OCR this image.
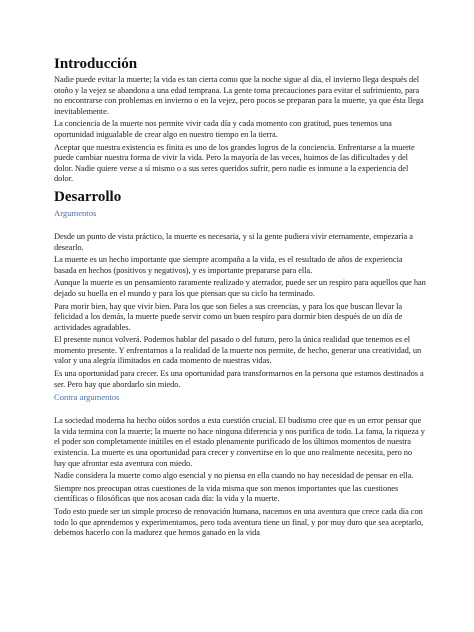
Introducción

Nadie puede evitar la muerte; la vida es tan cierta como que la noche sigue al día, el invierno llega después del otoño y la vejez se abandona a una edad temprana. La gente toma precauciones para evitar el sufrimiento, para no encontrarse con problemas en invierno o en la vejez, pero pocos se preparan para la muerte, ya que ésta llega inevitablemente.

La conciencia de la muerte nos permite vivir cada día y cada momento con gratitud, pues tenemos una oportunidad inigualable de crear algo en nuestro tiempo en la tierra.

Aceptar que nuestra existencia es finita es uno de los grandes logros de la conciencia. Enfrentarse a la muerte puede cambiar nuestra forma de vivir la vida. Pero la mayoría de las veces, huimos de las dificultades y del dolor. Nadie quiere verse a sí mismo o a sus seres queridos sufrir, pero nadie es inmune a la experiencia del dolor.

Desarrollo
Argumentos

Desde un punto de vista práctico, la muerte es necesaria, y si la gente pudiera vivir eternamente, empezaría a desearlo.

La muerte es un hecho importante que siempre acompaña a la vida, es el resultado de años de experiencia basada en hechos (positivos y negativos), y es importante prepararse para ella.

Aunque la muerte es un pensamiento raramente realizado y aterrador, puede ser un respiro para aquellos que han dejado su huella en el mundo y para los que piensan que su ciclo ha terminado.

Para morir bien, hay que vivir bien. Para los que son fieles a sus creencias, y para los que buscan llevar la felicidad a los demás, la muerte puede servir como un buen respiro para dormir bien después de un día de actividades agradables.

El presente nunca volverá. Podemos hablar del pasado o del futuro, pero la única realidad que tenemos es el momento presente. Y enfrentarnos a la realidad de la muerte nos permite, de hecho, generar una creatividad, un valor y una alegría ilimitados en cada momento de nuestras vidas.

Es una oportunidad para crecer. Es una oportunidad para transformarnos en la persona que estamos destinados a ser. Pero hay que abordarlo sin miedo.

Contra argumentos

La sociedad moderna ha hecho oídos sordos a esta cuestión crucial. El budismo cree que es un error pensar que la vida termina con la muerte; la muerte no hace ninguna diferencia y nos purifica de todo. La fama, la riqueza y el poder son completamente inútiles en el estado plenamente purificado de los últimos momentos de nuestra existencia. La muerte es una oportunidad para crecer y convertirse en lo que uno realmente necesita, pero no hay que afrontar esta aventura con miedo.

Nadie considera la muerte como algo esencial y no piensa en ella cuando no hay necesidad de pensar en ella.

Siempre nos preocupan otras cuestiones de la vida misma que son menos importantes que las cuestiones científicas o filosóficas que nos acosan cada día: la vida y la muerte.

Todo esto puede ser un simple proceso de renovación humana, nacemos en una aventura que crece cada día con todo lo que aprendemos y experimentamos, pero toda aventura tiene un final, y por muy duro que sea aceptarlo, debemos hacerlo con la madurez que hemos ganado en la vida
